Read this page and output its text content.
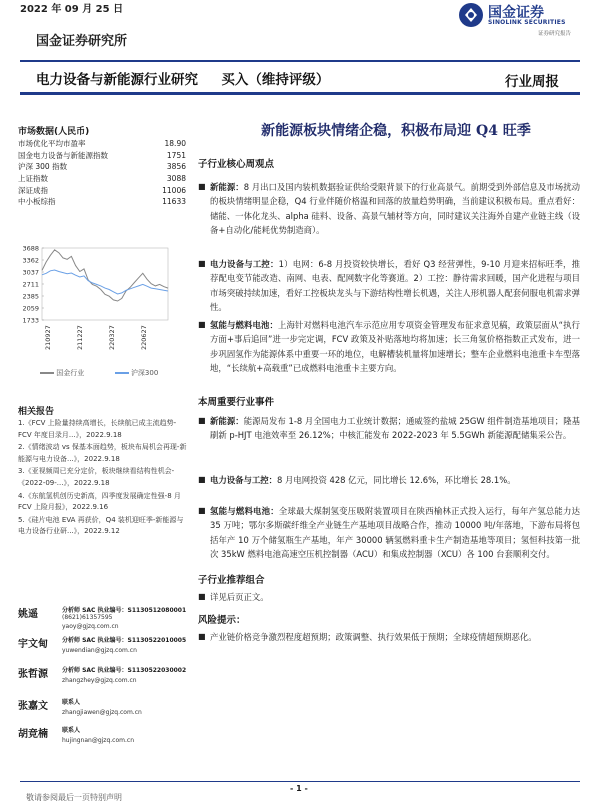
2022 年 09 月 25 日	国金证券
SINOLINK SECURITIES
证券研究报告
国金证券研究所
电力设备与新能源行业研究 买入（维持评级）	行业周报
市场数据(人民币)
市场优化平均市盈率	18.90
国金电力设备与新能源指数	1751
沪深 300 指数	3856
上证指数	3088
深证成指	11006
中小板综指	11633
3688
3362
3037
2711
2385
2059
1733
210927	211227	220327	220627
国金行业	沪深300
相关报告
1.《FCV 上险量持续高增长，长续航已成主流趋势-FCV 年度目录月...》，2022.9.18
2.《情绪波动 vs 保基本面趋势，板块布局机会再现-新能源与电力设备...》，2022.9.18
3.《亚视频周已充分定价，板块继续看结构性机会-《2022-09-...》，2022.9.18
4.《东航氢机创历史新高，四季度发展确定性强-8 月 FCV 上险月报》，2022.9.16
5.《硅片电池 EVA 再获价，Q4 装机迎旺季-新能源与电力设备行业研...》，2022.9.12
姚遥	分析师 SAC 执业编号：S1130512080001
(8621)61357595
yaoy@gjzq.com.cn
宇文甸 分析师 SAC 执业编号：S1130522010005
yuwendian@gjzq.com.cn
张哲源 分析师 SAC 执业编号：S1130522030002
zhangzhey@gjzq.com.cn
张嘉文 联系人
zhangjiawen@gjzq.com.cn
胡竞楠 联系人
hujingnan@gjzq.com.cn
新能源板块情绪企稳，积极布局迎 Q4 旺季
子行业核心周观点
■ 新能源：8 月出口及国内装机数据验证供给受限背景下的行业高景气。前期受到外部信息及市场扰动的板块情绪明显企稳，Q4 行业伴随价格温和回落的放量趋势明确，当前建议积极布局。重点看好：储能、一体化龙头、alpha 硅料、设备、高景气辅材等方向，同时建议关注海外自建产业链主线（设备+自动化/能耗优势制造商）。
■ 电力设备与工控：1）电网：6-8 月投资较快增长，看好 Q3 经营弹性，9-10 月迎来招标旺季，推荐配电变节能改造、南网、电表、配网数字化等赛道。2）工控：静待需求回暖，国产化进程与项目市场突破持续加速，看好工控板块龙头与下游结构性增长机遇，关注人形机器人配套伺服电机需求弹性。
■ 氢能与燃料电池：上海针对燃料电池汽车示范应用专项资金管理发布征求意见稿，政策层面从“执行方面+事后追回”进一步完定调，FCV 政策及补贴落地均将加速；长三角氢价格指数正式发布，进一步巩固氢作为能源体系中重要一环的地位，电解槽装机量将加速增长；整车企业燃料电池重卡车型落地，“长续航+高载重”已成燃料电池重卡主要方向。
本周重要行业事件
■ 新能源：能源局发布 1-8 月全国电力工业统计数据；通威签约盐城 25GW 组件制造基地项目；隆基刷新 p-HJT 电池效率至 26.12%；中核汇能发布 2022-2023 年 5.5GWh 新能源配储集采公告。
■ 电力设备与工控：8 月电网投资 428 亿元，同比增长 12.6%，环比增长 28.1%。
■ 氢能与燃料电池：全球最大煤制氢变压吸附装置项目在陕西榆林正式投入运行，每年产氢总能力达 35 万吨；鄂尔多斯碳纤维全产业链生产基地项目战略合作，推动 10000 吨/年落地，下游布局将包括年产 10 万个储氢瓶生产基地，年产 30000 辆氢燃料重卡生产制造基地等项目；氢恒科技第一批次 35kW 燃料电池高速空压机控制器（ACU）和集成控制器（XCU）各 100 台套顺利交付。
子行业推荐组合
■ 详见后页正文。
风险提示：
■ 产业链价格竞争激烈程度超预期；政策调整、执行效果低于预期；全球疫情超预期恶化。
- 1 -
敬请参阅最后一页特别声明
